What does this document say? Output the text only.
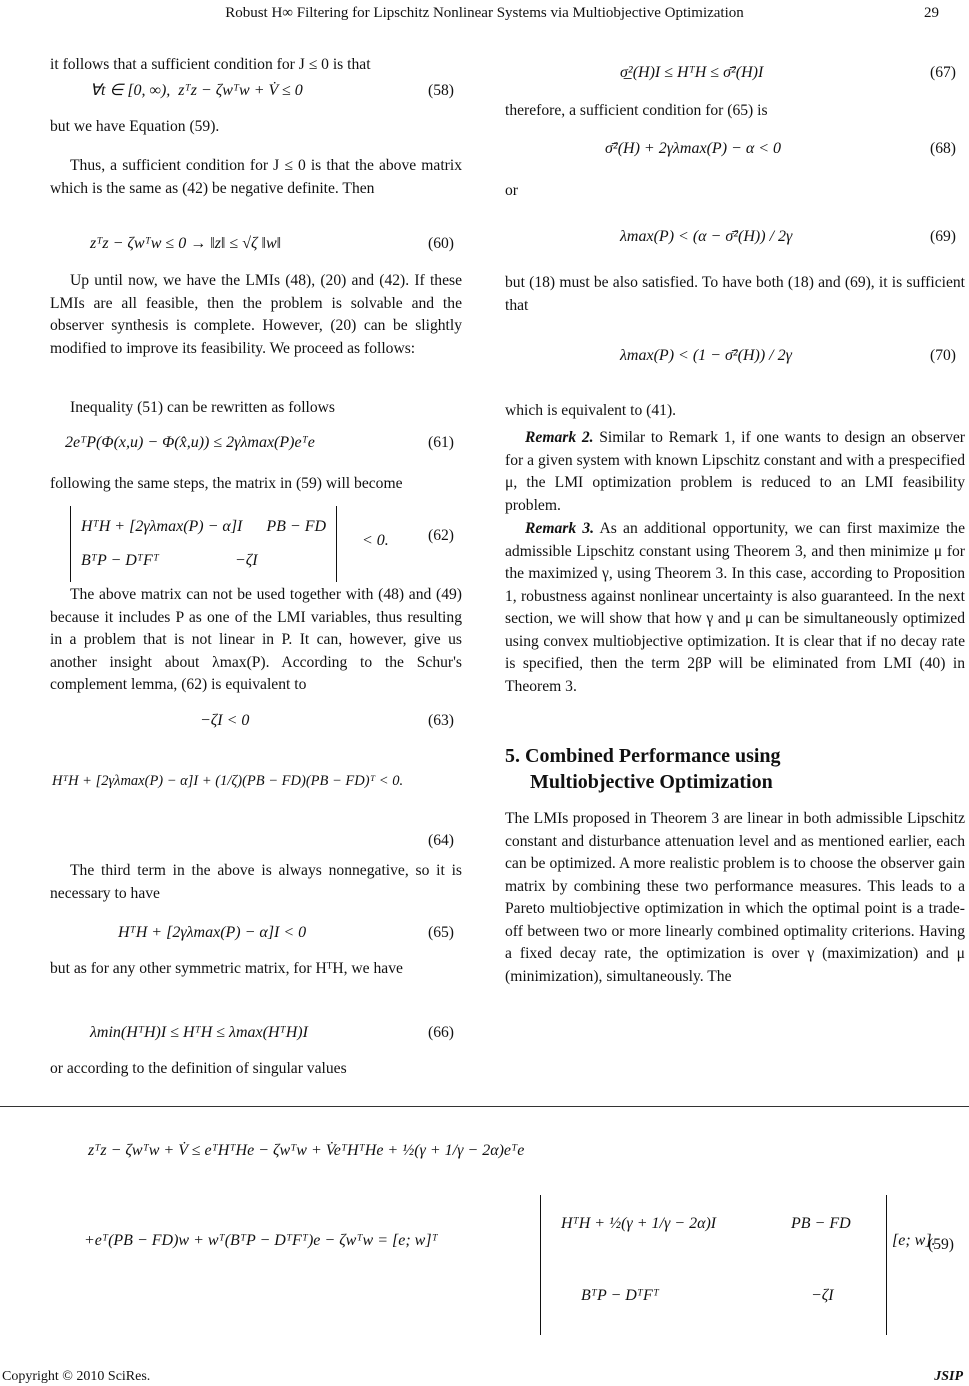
Robust H∞ Filtering for Lipschitz Nonlinear Systems via Multiobjective Optimization	29
it follows that a sufficient condition for J ≤ 0 is that
∀t ∈ [0, ∞),  zᵀz − ζwᵀw + V̇ ≤ 0	(58)
but we have Equation (59).
Thus, a sufficient condition for J ≤ 0 is that the above matrix which is the same as (42) be negative definite. Then
zᵀz − ζwᵀw ≤ 0 → ‖z‖ ≤ √ζ ‖w‖	(60)
Up until now, we have the LMIs (48), (20) and (42). If these LMIs are all feasible, then the problem is solvable and the observer synthesis is complete. However, (20) can be slightly modified to improve its feasibility. We proceed as follows:
Inequality (51) can be rewritten as follows
2eᵀP(Φ(x,u) − Φ(x̂,u)) ≤ 2γλmax(P)eᵀe	(61)
following the same steps, the matrix in (59) will become
HᵀH + [2γλmax(P) − α]I      PB − FD
BᵀP − DᵀFᵀ                   −ζI
< 0.	(62)
The above matrix can not be used together with (48) and (49) because it includes P as one of the LMI variables, thus resulting in a problem that is not linear in P. It can, however, give us another insight about λmax(P). According to the Schur's complement lemma, (62) is equivalent to
−ζI < 0	(63)
HᵀH + [2γλmax(P) − α]I + (1/ζ)(PB − FD)(PB − FD)ᵀ < 0.
(64)
The third term in the above is always nonnegative, so it is necessary to have
HᵀH + [2γλmax(P) − α]I < 0	(65)
but as for any other symmetric matrix, for HᵀH, we have
λmin(HᵀH)I ≤ HᵀH ≤ λmax(HᵀH)I	(66)
or according to the definition of singular values
σ̲²(H)I ≤ HᵀH ≤ σ̄²(H)I	(67)
therefore, a sufficient condition for (65) is
σ̄²(H) + 2γλmax(P) − α < 0	(68)
or
λmax(P) < (α − σ̄²(H)) / 2γ	(69)
but (18) must be also satisfied. To have both (18) and (69), it is sufficient that
λmax(P) < (1 − σ̄²(H)) / 2γ	(70)
which is equivalent to (41).
Remark 2. Similar to Remark 1, if one wants to design an observer for a given system with known Lipschitz constant and with a prespecified μ, the LMI optimization problem is reduced to an LMI feasibility problem.
Remark 3. As an additional opportunity, we can first maximize the admissible Lipschitz constant using Theorem 3, and then minimize μ for the maximized γ, using Theorem 3. In this case, according to Proposition 1, robustness against nonlinear uncertainty is also guaranteed. In the next section, we will show that how γ and μ can be simultaneously optimized using convex multiobjective optimization. It is clear that if no decay rate is specified, then the term 2βP will be eliminated from LMI (40) in Theorem 3.
5. Combined Performance using
Multiobjective Optimization
The LMIs proposed in Theorem 3 are linear in both admissible Lipschitz constant and disturbance attenuation level and as mentioned earlier, each can be optimized. A more realistic problem is to choose the observer gain matrix by combining these two performance measures. This leads to a Pareto multiobjective optimization in which the optimal point is a trade-off between two or more linearly combined optimality criterions. Having a fixed decay rate, the optimization is over γ (maximization) and μ (minimization), simultaneously. The
zᵀz − ζwᵀw + V̇ ≤ eᵀHᵀHe − ζwᵀw + V̇eᵀHᵀHe + ½(γ + 1/γ − 2α)eᵀe
+eᵀ(PB − FD)w + wᵀ(BᵀP − DᵀFᵀ)e − ζwᵀw = [e; w]ᵀ
HᵀH + ½(γ + 1/γ − 2α)I	PB − FD
BᵀP − DᵀFᵀ	−ζI
[e; w].
(59)
Copyright © 2010 SciRes.	JSIP
